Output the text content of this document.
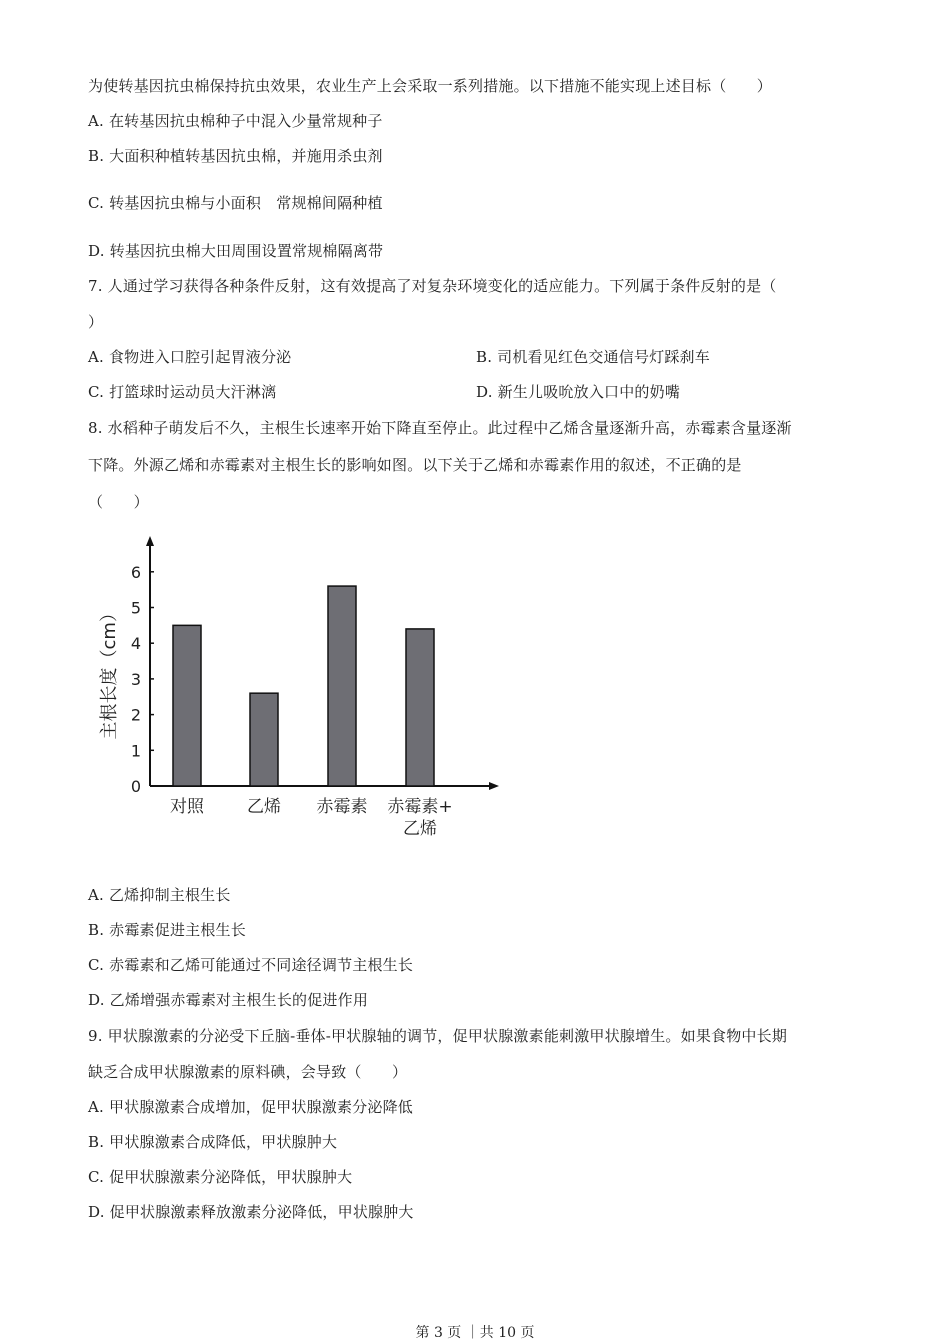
为使转基因抗虫棉保持抗虫效果，农业生产上会采取一系列措施。以下措施不能实现上述目标（　　）
A. 在转基因抗虫棉种子中混入少量常规种子
B. 大面积种植转基因抗虫棉，并施用杀虫剂
C. 转基因抗虫棉与小面积　常规棉间隔种植
D. 转基因抗虫棉大田周围设置常规棉隔离带
7. 人通过学习获得各种条件反射，这有效提高了对复杂环境变化的适应能力。下列属于条件反射的是（
）
A. 食物进入口腔引起胃液分泌	B. 司机看见红色交通信号灯踩刹车
C. 打篮球时运动员大汗淋漓	D. 新生儿吸吮放入口中的奶嘴
8. 水稻种子萌发后不久，主根生长速率开始下降直至停止。此过程中乙烯含量逐渐升高，赤霉素含量逐渐
下降。外源乙烯和赤霉素对主根生长的影响如图。以下关于乙烯和赤霉素作用的叙述，不正确的是
（　　）
0
1
2
3
4
5
6
主根长度（cm）
对照	乙烯 赤霉素 赤霉素+
乙烯
A. 乙烯抑制主根生长
B. 赤霉素促进主根生长
C. 赤霉素和乙烯可能通过不同途径调节主根生长
D. 乙烯增强赤霉素对主根生长的促进作用
9. 甲状腺激素的分泌受下丘脑-垂体-甲状腺轴的调节，促甲状腺激素能刺激甲状腺增生。如果食物中长期
缺乏合成甲状腺激素的原料碘，会导致（　　）
A. 甲状腺激素合成增加，促甲状腺激素分泌降低
B. 甲状腺激素合成降低，甲状腺肿大
C. 促甲状腺激素分泌降低，甲状腺肿大
D. 促甲状腺激素释放激素分泌降低，甲状腺肿大
第 3 页 ｜共 10 页
